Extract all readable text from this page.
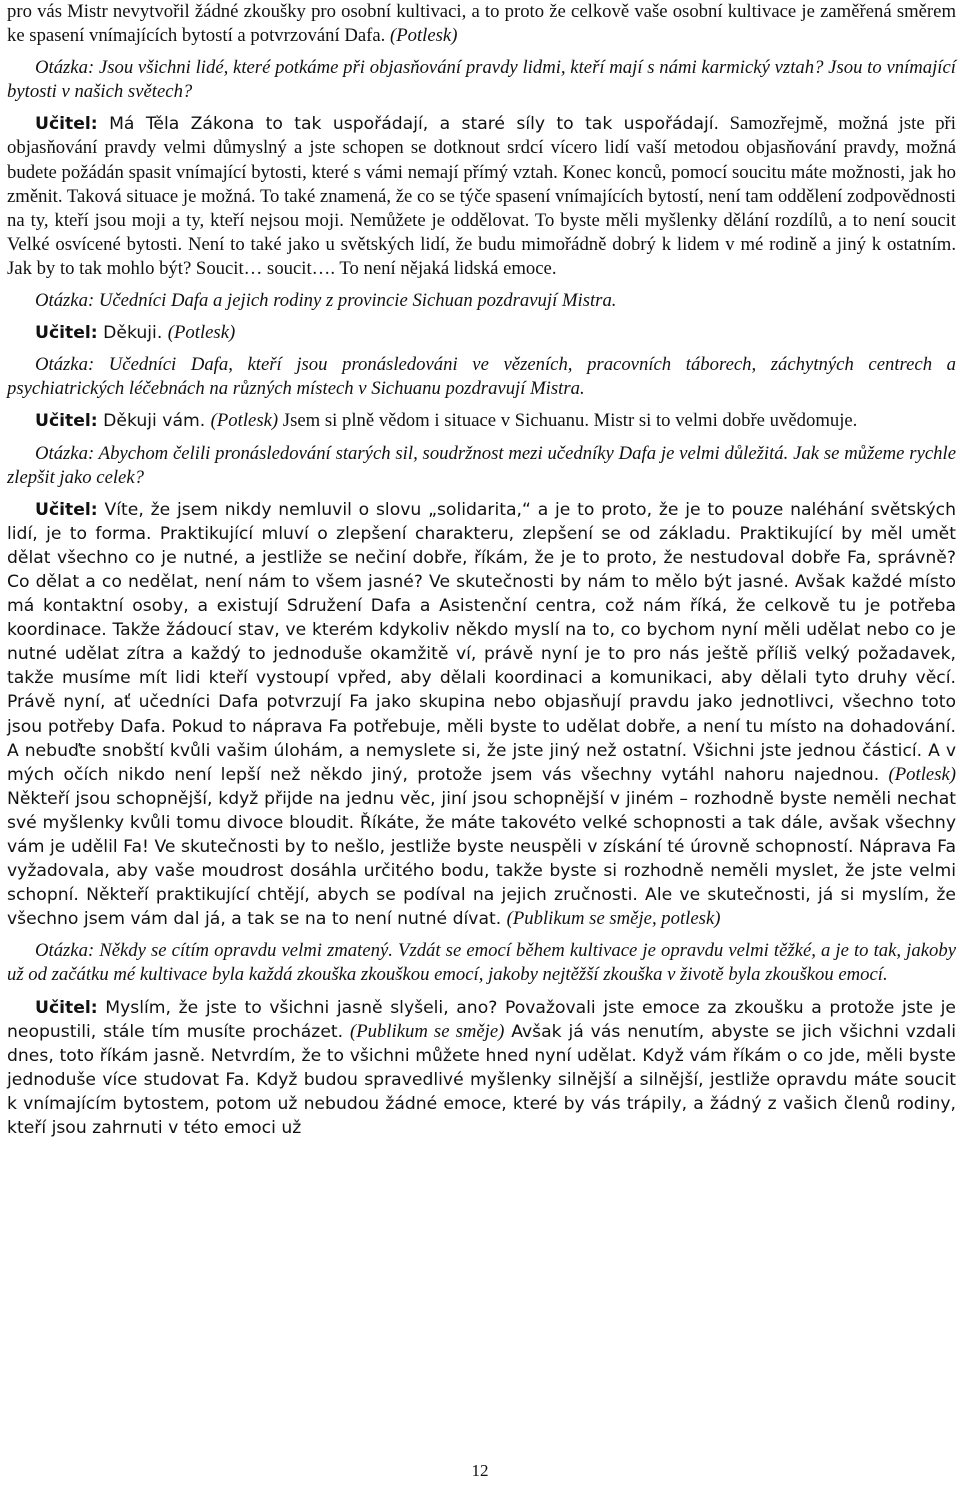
pro vás Mistr nevytvořil žádné zkoušky pro osobní kultivaci, a to proto že celkově vaše osobní kultivace je zaměřená směrem ke spasení vnímajících bytostí a potvrzování Dafa. (Potlesk)

Otázka: Jsou všichni lidé, které potkáme při objasňování pravdy lidmi, kteří mají s námi karmický vztah? Jsou to vnímající bytosti v našich světech?

Učitel: Má Těla Zákona to tak uspořádají, a staré síly to tak uspořádají. Samozřejmě, možná jste při objasňování pravdy velmi důmyslný a jste schopen se dotknout srdcí vícero lidí vaší metodou objasňování pravdy, možná budete požádán spasit vnímající bytosti, které s vámi nemají přímý vztah. Konec konců, pomocí soucitu máte možnosti, jak ho změnit. Taková situace je možná. To také znamená, že co se týče spasení vnímajících bytostí, není tam oddělení zodpovědnosti na ty, kteří jsou moji a ty, kteří nejsou moji. Nemůžete je oddělovat. To byste měli myšlenky dělání rozdílů, a to není soucit Velké osvícené bytosti. Není to také jako u světských lidí, že budu mimořádně dobrý k lidem v mé rodině a jiný k ostatním. Jak by to tak mohlo být? Soucit… soucit…. To není nějaká lidská emoce.

Otázka: Učedníci Dafa a jejich rodiny z provincie Sichuan pozdravují Mistra.

Učitel: Děkuji. (Potlesk)

Otázka: Učedníci Dafa, kteří jsou pronásledováni ve vězeních, pracovních táborech, záchytných centrech a psychiatrických léčebnách na různých místech v Sichuanu pozdravují Mistra.

Učitel: Děkuji vám. (Potlesk) Jsem si plně vědom i situace v Sichuanu. Mistr si to velmi dobře uvědomuje.

Otázka: Abychom čelili pronásledování starých sil, soudržnost mezi učedníky Dafa je velmi důležitá. Jak se můžeme rychle zlepšit jako celek?

Učitel: Víte, že jsem nikdy nemluvil o slovu „solidarita,“ a je to proto, že je to pouze naléhání světských lidí, je to forma. Praktikující mluví o zlepšení charakteru, zlepšení se od základu. Praktikující by měl umět dělat všechno co je nutné, a jestliže se nečiní dobře, říkám, že je to proto, že nestudoval dobře Fa, správně? Co dělat a co nedělat, není nám to všem jasné? Ve skutečnosti by nám to mělo být jasné. Avšak každé místo má kontaktní osoby, a existují Sdružení Dafa a Asistenční centra, což nám říká, že celkově tu je potřeba koordinace. Takže žádoucí stav, ve kterém kdykoliv někdo myslí na to, co bychom nyní měli udělat nebo co je nutné udělat zítra a každý to jednoduše okamžitě ví, právě nyní je to pro nás ještě příliš velký požadavek, takže musíme mít lidi kteří vystoupí vpřed, aby dělali koordinaci a komunikaci, aby dělali tyto druhy věcí. Právě nyní, ať učedníci Dafa potvrzují Fa jako skupina nebo objasňují pravdu jako jednotlivci, všechno toto jsou potřeby Dafa. Pokud to náprava Fa potřebuje, měli byste to udělat dobře, a není tu místo na dohadování. A nebuďte snobští kvůli vašim úlohám, a nemyslete si, že jste jiný než ostatní. Všichni jste jednou částicí. A v mých očích nikdo není lepší než někdo jiný, protože jsem vás všechny vytáhl nahoru najednou. (Potlesk) Někteří jsou schopnější, když přijde na jednu věc, jiní jsou schopnější v jiném – rozhodně byste neměli nechat své myšlenky kvůli tomu divoce bloudit. Říkáte, že máte takovéto velké schopnosti a tak dále, avšak všechny vám je udělil Fa! Ve skutečnosti by to nešlo, jestliže byste neuspěli v získání té úrovně schopností. Náprava Fa vyžadovala, aby vaše moudrost dosáhla určitého bodu, takže byste si rozhodně neměli myslet, že jste velmi schopní. Někteří praktikující chtějí, abych se podíval na jejich zručnosti. Ale ve skutečnosti, já si myslím, že všechno jsem vám dal já, a tak se na to není nutné dívat. (Publikum se směje, potlesk)

Otázka: Někdy se cítím opravdu velmi zmatený. Vzdát se emocí během kultivace je opravdu velmi těžké, a je to tak, jakoby už od začátku mé kultivace byla každá zkouška zkouškou emocí, jakoby nejtěžší zkouška v životě byla zkouškou emocí.

Učitel: Myslím, že jste to všichni jasně slyšeli, ano? Považovali jste emoce za zkoušku a protože jste je neopustili, stále tím musíte procházet. (Publikum se směje) Avšak já vás nenutím, abyste se jich všichni vzdali dnes, toto říkám jasně. Netvrdím, že to všichni můžete hned nyní udělat. Když vám říkám o co jde, měli byste jednoduše více studovat Fa. Když budou spravedlivé myšlenky silnější a silnější, jestliže opravdu máte soucit k vnímajícím bytostem, potom už nebudou žádné emoce, které by vás trápily, a žádný z vašich členů rodiny, kteří jsou zahrnuti v této emoci už

12
